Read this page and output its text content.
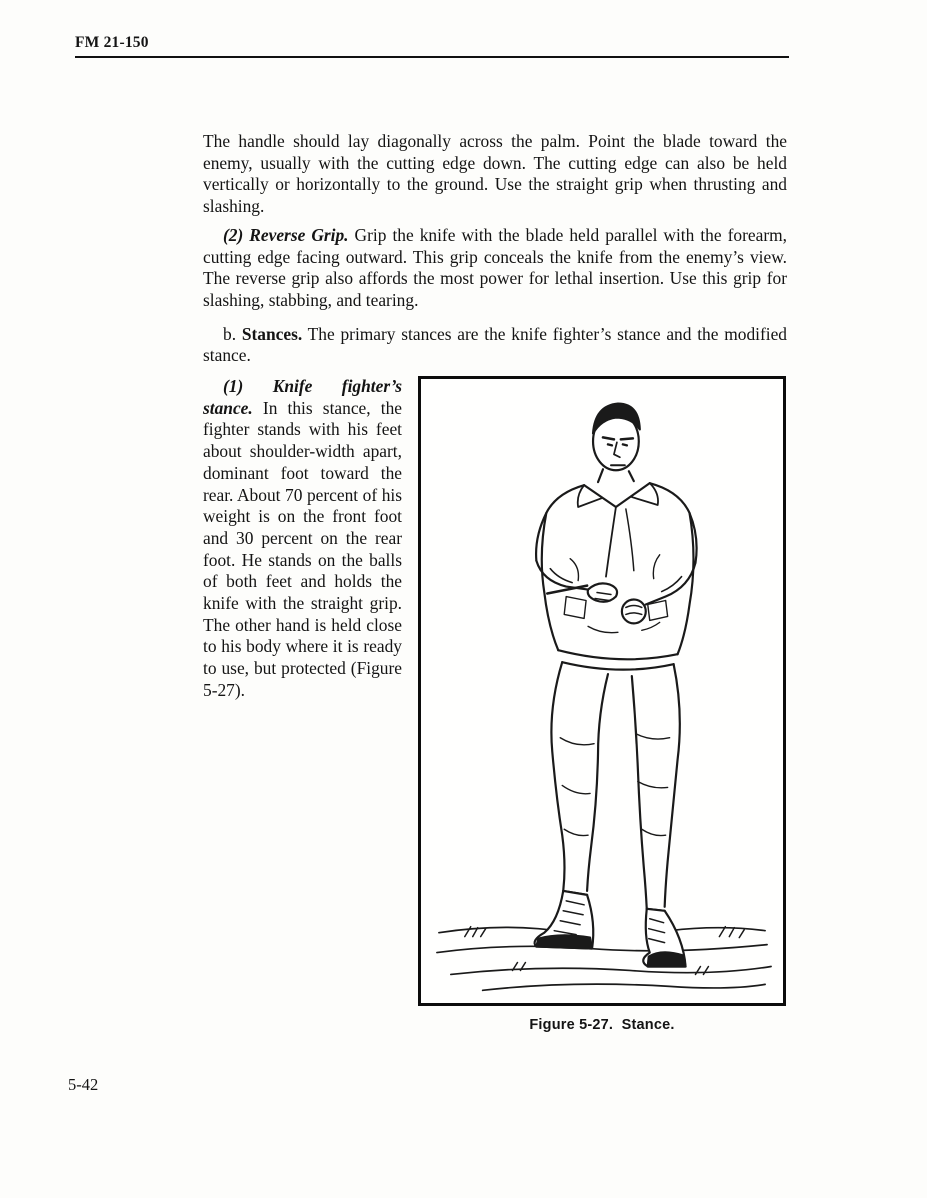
FM 21-150

The handle should lay diagonally across the palm. Point the blade toward the enemy, usually with the cutting edge down. The cutting edge can also be held vertically or horizontally to the ground. Use the straight grip when thrusting and slashing.

(2) Reverse Grip. Grip the knife with the blade held parallel with the forearm, cutting edge facing outward. This grip conceals the knife from the enemy’s view. The reverse grip also affords the most power for lethal insertion. Use this grip for slashing, stabbing, and tearing.

b. Stances. The primary stances are the knife fighter’s stance and the modified stance.

(1) Knife fighter’s stance. In this stance, the fighter stands with his feet about shoulder-width apart, dominant foot toward the rear. About 70 percent of his weight is on the front foot and 30 percent on the rear foot. He stands on the balls of both feet and holds the knife with the straight grip. The other hand is held close to his body where it is ready to use, but protected (Figure 5-27).

Figure 5-27.  Stance.
5-42
